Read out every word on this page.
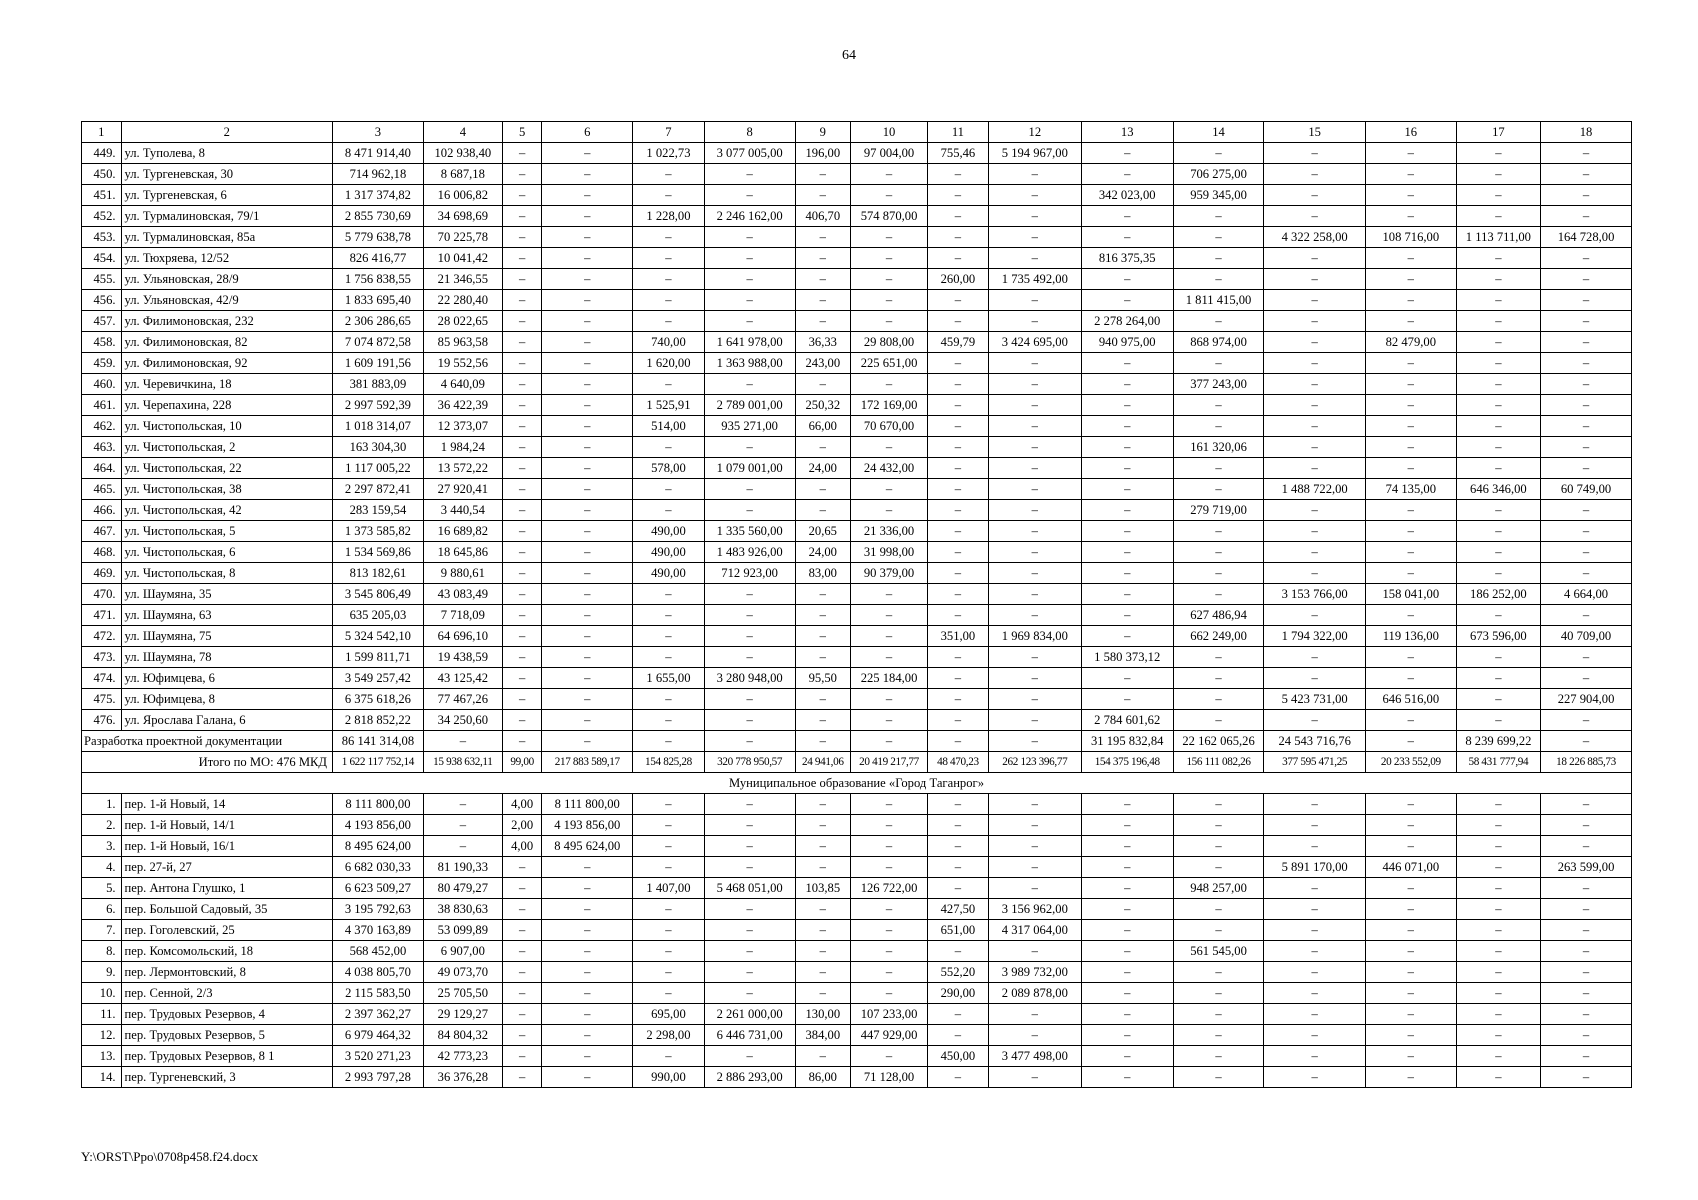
64
1	2	3	4	5	6	7	8	9	10	11	12	13	14	15	16	17	18
449.	ул. Туполева, 8	8 471 914,40	102 938,40	–	–	1 022,73	3 077 005,00	196,00	97 004,00	755,46	5 194 967,00	–	–	–	–	–	–
450.	ул. Тургеневская, 30	714 962,18	8 687,18	–	–	–	–	–	–	–	–	–	706 275,00	–	–	–	–
451.	ул. Тургеневская, 6	1 317 374,82	16 006,82	–	–	–	–	–	–	–	–	342 023,00	959 345,00	–	–	–	–
452.	ул. Турмалиновская, 79/1	2 855 730,69	34 698,69	–	–	1 228,00	2 246 162,00	406,70	574 870,00	–	–	–	–	–	–	–	–
453.	ул. Турмалиновская, 85а	5 779 638,78	70 225,78	–	–	–	–	–	–	–	–	–	–	4 322 258,00	108 716,00	1 113 711,00	164 728,00
454.	ул. Тюхряева, 12/52	826 416,77	10 041,42	–	–	–	–	–	–	–	–	816 375,35	–	–	–	–	–
455.	ул. Ульяновская, 28/9	1 756 838,55	21 346,55	–	–	–	–	–	–	260,00	1 735 492,00	–	–	–	–	–	–
456.	ул. Ульяновская, 42/9	1 833 695,40	22 280,40	–	–	–	–	–	–	–	–	–	1 811 415,00	–	–	–	–
457.	ул. Филимоновская, 232	2 306 286,65	28 022,65	–	–	–	–	–	–	–	–	2 278 264,00	–	–	–	–	–
458.	ул. Филимоновская, 82	7 074 872,58	85 963,58	–	–	740,00	1 641 978,00	36,33	29 808,00	459,79	3 424 695,00	940 975,00	868 974,00	–	82 479,00	–	–
459.	ул. Филимоновская, 92	1 609 191,56	19 552,56	–	–	1 620,00	1 363 988,00	243,00	225 651,00	–	–	–	–	–	–	–	–
460.	ул. Черевичкина, 18	381 883,09	4 640,09	–	–	–	–	–	–	–	–	–	377 243,00	–	–	–	–
461.	ул. Черепахина, 228	2 997 592,39	36 422,39	–	–	1 525,91	2 789 001,00	250,32	172 169,00	–	–	–	–	–	–	–	–
462.	ул. Чистопольская, 10	1 018 314,07	12 373,07	–	–	514,00	935 271,00	66,00	70 670,00	–	–	–	–	–	–	–	–
463.	ул. Чистопольская, 2	163 304,30	1 984,24	–	–	–	–	–	–	–	–	–	161 320,06	–	–	–	–
464.	ул. Чистопольская, 22	1 117 005,22	13 572,22	–	–	578,00	1 079 001,00	24,00	24 432,00	–	–	–	–	–	–	–	–
465.	ул. Чистопольская, 38	2 297 872,41	27 920,41	–	–	–	–	–	–	–	–	–	–	1 488 722,00	74 135,00	646 346,00	60 749,00
466.	ул. Чистопольская, 42	283 159,54	3 440,54	–	–	–	–	–	–	–	–	–	279 719,00	–	–	–	–
467.	ул. Чистопольская, 5	1 373 585,82	16 689,82	–	–	490,00	1 335 560,00	20,65	21 336,00	–	–	–	–	–	–	–	–
468.	ул. Чистопольская, 6	1 534 569,86	18 645,86	–	–	490,00	1 483 926,00	24,00	31 998,00	–	–	–	–	–	–	–	–
469.	ул. Чистопольская, 8	813 182,61	9 880,61	–	–	490,00	712 923,00	83,00	90 379,00	–	–	–	–	–	–	–	–
470.	ул. Шаумяна, 35	3 545 806,49	43 083,49	–	–	–	–	–	–	–	–	–	–	3 153 766,00	158 041,00	186 252,00	4 664,00
471.	ул. Шаумяна, 63	635 205,03	7 718,09	–	–	–	–	–	–	–	–	–	627 486,94	–	–	–	–
472.	ул. Шаумяна, 75	5 324 542,10	64 696,10	–	–	–	–	–	–	351,00	1 969 834,00	–	662 249,00	1 794 322,00	119 136,00	673 596,00	40 709,00
473.	ул. Шаумяна, 78	1 599 811,71	19 438,59	–	–	–	–	–	–	–	–	1 580 373,12	–	–	–	–	–
474.	ул. Юфимцева, 6	3 549 257,42	43 125,42	–	–	1 655,00	3 280 948,00	95,50	225 184,00	–	–	–	–	–	–	–	–
475.	ул. Юфимцева, 8	6 375 618,26	77 467,26	–	–	–	–	–	–	–	–	–	–	5 423 731,00	646 516,00	–	227 904,00
476.	ул. Ярослава Галана, 6	2 818 852,22	34 250,60	–	–	–	–	–	–	–	–	2 784 601,62	–	–	–	–	–
Разработка проектной документации		86 141 314,08	–	–	–	–	–	–	–	–	–	31 195 832,84	22 162 065,26	24 543 716,76	–	8 239 699,22	–
Итого по МО: 476 МКД		1 622 117 752,14	15 938 632,11	99,00	217 883 589,17	154 825,28	320 778 950,57	24 941,06	20 419 217,77	48 470,23	262 123 396,77	154 375 196,48	156 111 082,26	377 595 471,25	20 233 552,09	58 431 777,94	18 226 885,73
Муниципальное образование «Город Таганрог»																	
1.	пер. 1-й Новый, 14	8 111 800,00	–	4,00	8 111 800,00	–	–	–	–	–	–	–	–	–	–	–	–
2.	пер. 1-й Новый, 14/1	4 193 856,00	–	2,00	4 193 856,00	–	–	–	–	–	–	–	–	–	–	–	–
3.	пер. 1-й Новый, 16/1	8 495 624,00	–	4,00	8 495 624,00	–	–	–	–	–	–	–	–	–	–	–	–
4.	пер. 27-й, 27	6 682 030,33	81 190,33	–	–	–	–	–	–	–	–	–	–	5 891 170,00	446 071,00	–	263 599,00
5.	пер. Антона Глушко, 1	6 623 509,27	80 479,27	–	–	1 407,00	5 468 051,00	103,85	126 722,00	–	–	–	948 257,00	–	–	–	–
6.	пер. Большой Садовый, 35	3 195 792,63	38 830,63	–	–	–	–	–	–	427,50	3 156 962,00	–	–	–	–	–	–
7.	пер. Гоголевский, 25	4 370 163,89	53 099,89	–	–	–	–	–	–	651,00	4 317 064,00	–	–	–	–	–	–
8.	пер. Комсомольский, 18	568 452,00	6 907,00	–	–	–	–	–	–	–	–	–	561 545,00	–	–	–	–
9.	пер. Лермонтовский, 8	4 038 805,70	49 073,70	–	–	–	–	–	–	552,20	3 989 732,00	–	–	–	–	–	–
10.	пер. Сенной, 2/3	2 115 583,50	25 705,50	–	–	–	–	–	–	290,00	2 089 878,00	–	–	–	–	–	–
11.	пер. Трудовых Резервов, 4	2 397 362,27	29 129,27	–	–	695,00	2 261 000,00	130,00	107 233,00	–	–	–	–	–	–	–	–
12.	пер. Трудовых Резервов, 5	6 979 464,32	84 804,32	–	–	2 298,00	6 446 731,00	384,00	447 929,00	–	–	–	–	–	–	–	–
13.	пер. Трудовых Резервов, 8 1	3 520 271,23	42 773,23	–	–	–	–	–	–	450,00	3 477 498,00	–	–	–	–	–	–
14.	пер. Тургеневский, 3	2 993 797,28	36 376,28	–	–	990,00	2 886 293,00	86,00	71 128,00	–	–	–	–	–	–	–	–
Y:\ORST\Ppo\0708p458.f24.docx
